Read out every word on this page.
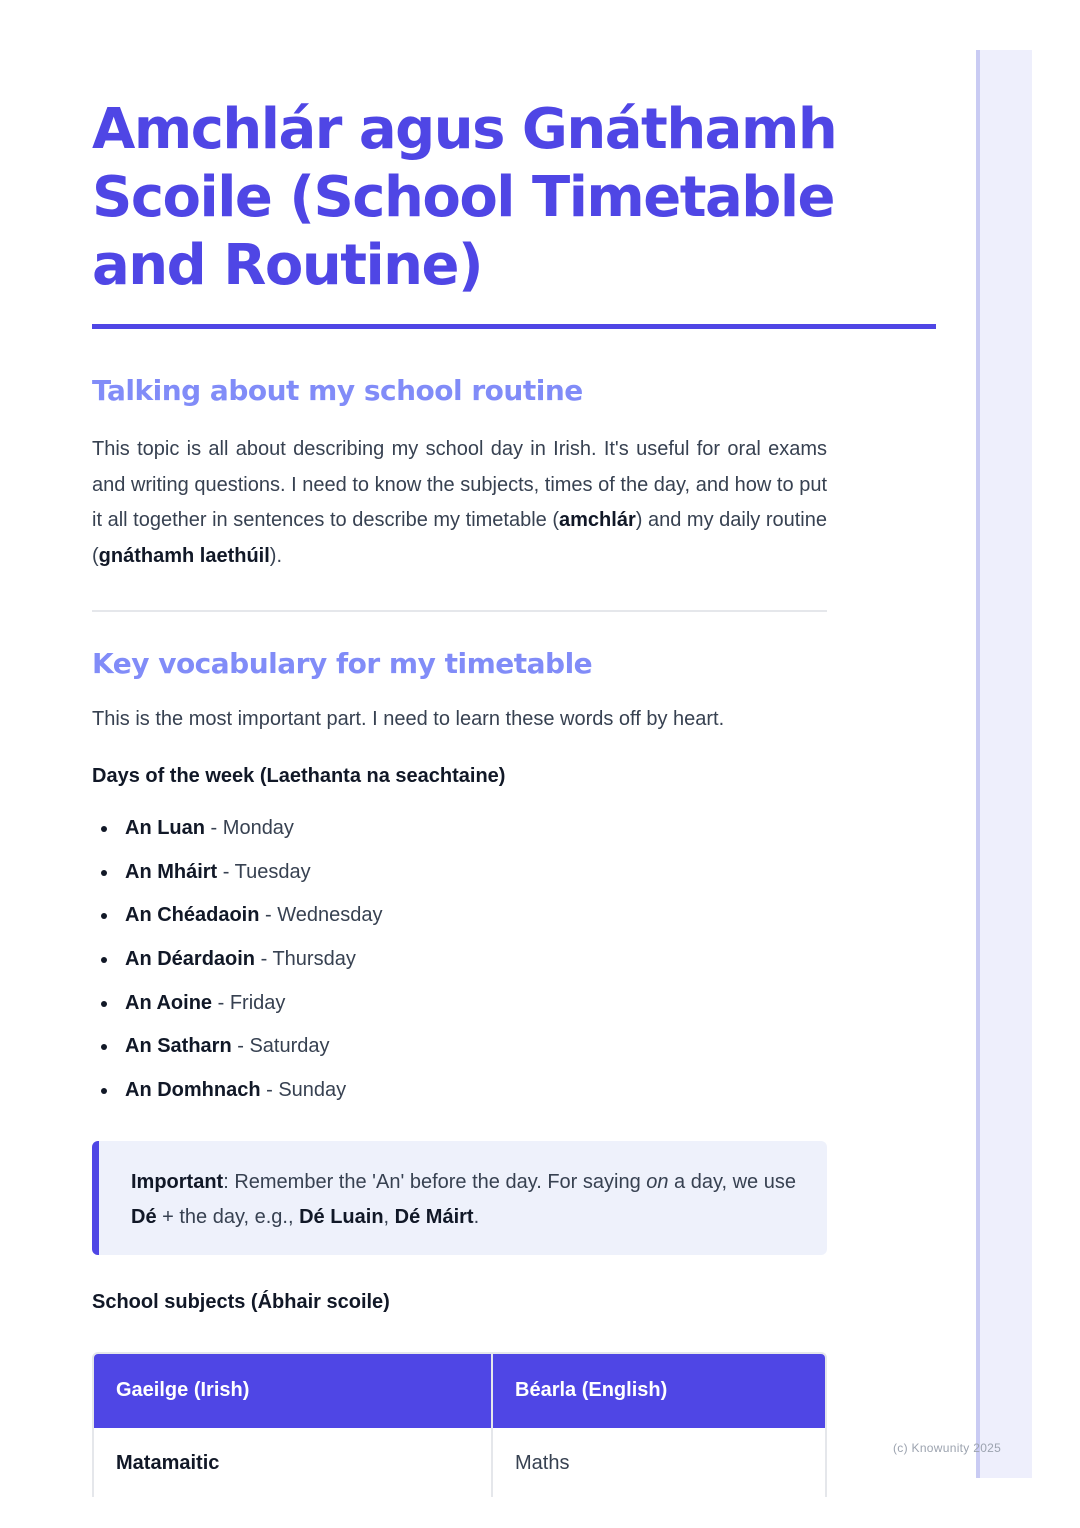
Amchlár agus Gnáthamh Scoile (School Timetable and Routine)
Talking about my school routine

This topic is all about describing my school day in Irish. It's useful for oral exams and writing questions. I need to know the subjects, times of the day, and how to put it all together in sentences to describe my timetable (amchlár) and my daily routine (gnáthamh laethúil).

Key vocabulary for my timetable

This is the most important part. I need to learn these words off by heart.

Days of the week (Laethanta na seachtaine)
An Luan - Monday
An Mháirt - Tuesday
An Chéadaoin - Wednesday
An Déardaoin - Thursday
An Aoine - Friday
An Satharn - Saturday
An Domhnach - Sunday
Important: Remember the 'An' before the day. For saying on a day, we use Dé + the day, e.g., Dé Luain, Dé Máirt.
School subjects (Ábhair scoile)
Gaeilge (Irish)	Béarla (English)
Matamaitic	Maths
(c) Knowunity 2025
